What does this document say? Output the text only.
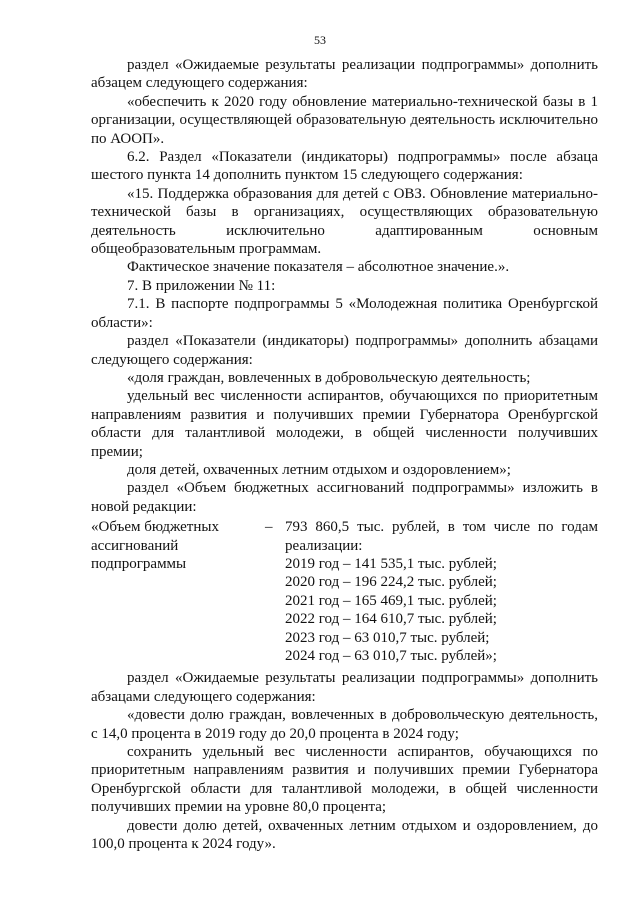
53

раздел «Ожидаемые результаты реализации подпрограммы» дополнить абзацем следующего содержания:

«обеспечить к 2020 году обновление материально-технической базы в 1 организации, осуществляющей образовательную деятельность исключительно по АООП».

6.2. Раздел «Показатели (индикаторы) подпрограммы» после абзаца шестого пункта 14 дополнить пунктом 15 следующего содержания:

«15. Поддержка образования для детей с ОВЗ. Обновление материально-технической базы в организациях, осуществляющих образовательную деятельность исключительно адаптированным основным общеобразовательным программам.

Фактическое значение показателя – абсолютное значение.».

7. В приложении № 11:

7.1. В паспорте подпрограммы 5 «Молодежная политика Оренбургской области»:

раздел «Показатели (индикаторы) подпрограммы» дополнить абзацами следующего содержания:

«доля граждан, вовлеченных в добровольческую деятельность;

удельный вес численности аспирантов, обучающихся по приоритетным направлениям развития и получивших премии Губернатора Оренбургской области для талантливой молодежи, в общей численности получивших премии;

доля детей, охваченных летним отдыхом и оздоровлением»;

раздел «Объем бюджетных ассигнований подпрограммы» изложить в новой редакции:

«Объем бюджетных
ассигнований
подпрограммы
– 793 860,5 тыс. рублей, в том числе по годам реализации:
2019 год – 141 535,1 тыс. рублей;
2020 год – 196 224,2 тыс. рублей;
2021 год – 165 469,1 тыс. рублей;
2022 год – 164 610,7 тыс. рублей;
2023 год – 63 010,7 тыс. рублей;
2024 год – 63 010,7 тыс. рублей»;

раздел «Ожидаемые результаты реализации подпрограммы» дополнить абзацами следующего содержания:

«довести долю граждан, вовлеченных в добровольческую деятельность, с 14,0 процента в 2019 году до 20,0 процента в 2024 году;

сохранить удельный вес численности аспирантов, обучающихся по приоритетным направлениям развития и получивших премии Губернатора Оренбургской области для талантливой молодежи, в общей численности получивших премии на уровне 80,0 процента;

довести долю детей, охваченных летним отдыхом и оздоровлением, до 100,0 процента к 2024 году».
